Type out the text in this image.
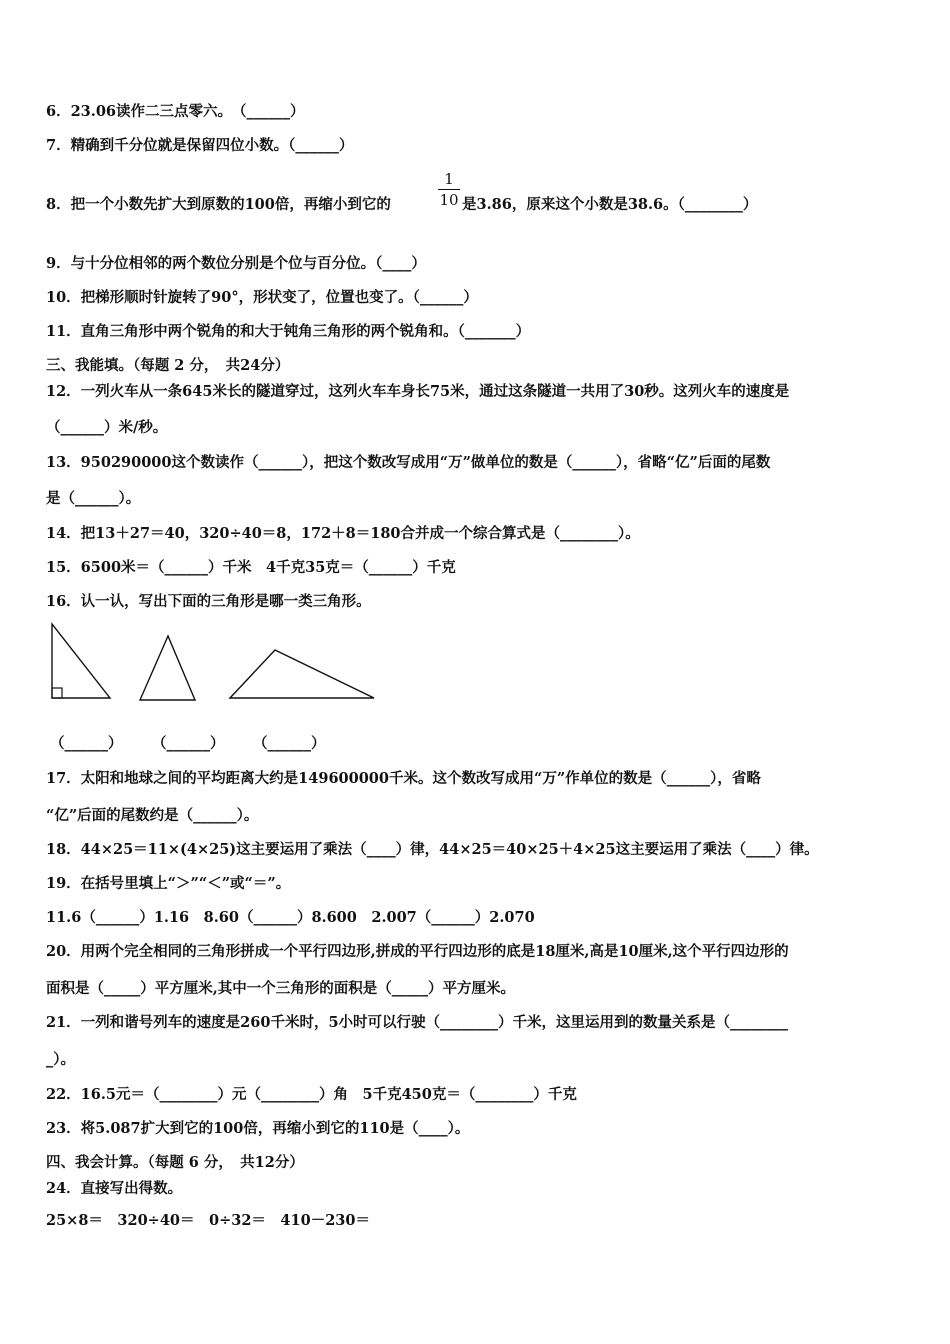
6．23.06读作二三点零六。　（______）
7．精确到千分位就是保留四位小数。（______）
8．把一个小数先扩大到原数的100倍，再缩小到它的
1
10 是3.86，原来这个小数是38.6。（________）
9．与十分位相邻的两个数位分别是个位与百分位。（____）
10．把梯形顺时针旋转了90°，形状变了，位置也变了。（______）
11．直角三角形中两个锐角的和大于钝角三角形的两个锐角和。（_______）
三、我能填。（每题 2 分，　共24分）
12．一列火车从一条645米长的隧道穿过，这列火车车身长75米，通过这条隧道一共用了30秒。这列火车的速度是
（______）米/秒。
13．950290000这个数读作（______），把这个数改写成用“万”做单位的数是（______），省略“亿”后面的尾数
是（______）。
14．把13＋27＝40，320÷40＝8，172＋8＝180合并成一个综合算式是（________）。
15．6500米＝（______）千米　4千克35克＝（______）千克
16．认一认，写出下面的三角形是哪一类三角形。
（______） （______） （______）
17．太阳和地球之间的平均距离大约是149600000千米。这个数改写成用“万”作单位的数是（______），省略
“亿”后面的尾数约是（______）。
18．44×25＝11×(4×25)这主要运用了乘法（____）律，44×25＝40×25＋4×25这主要运用了乘法（____）律。
19．在括号里填上“＞”“＜”或“＝”。
11.6（______）1.16　8.60（______）8.600　2.007（______）2.070
20．用两个完全相同的三角形拼成一个平行四边形,拼成的平行四边形的底是18厘米,高是10厘米,这个平行四边形的
面积是（_____）平方厘米,其中一个三角形的面积是（_____）平方厘米。
21．一列和谐号列车的速度是260千米时，5小时可以行驶（________）千米，这里运用到的数量关系是（________
_）。
22．16.5元＝（________）元（________）角　5千克450克＝（________）千克
23．将5.087扩大到它的100倍，再缩小到它的110是（____）。
四、我会计算。（每题 6 分，　共12分）
24．直接写出得数。
25×8＝　320÷40＝　0÷32＝　410－230＝
